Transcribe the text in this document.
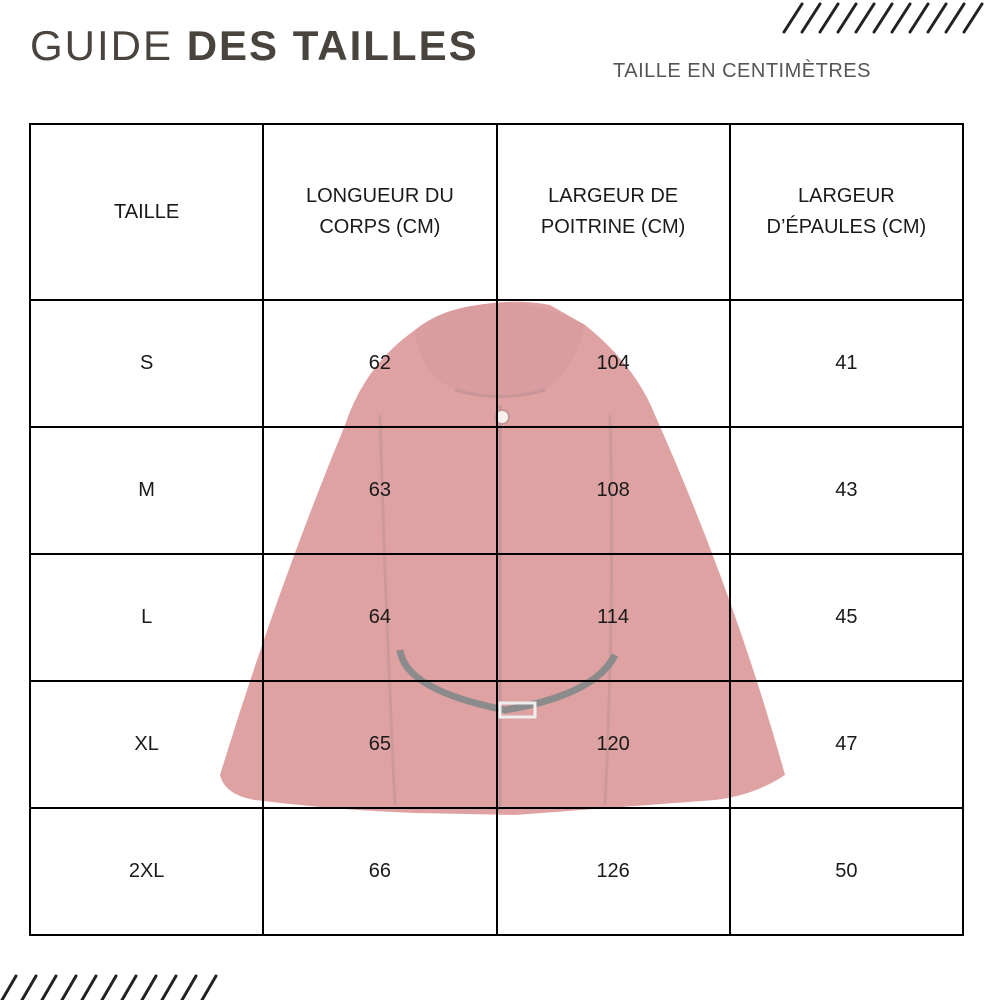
GUIDE DES TAILLES
TAILLE EN CENTIMÈTRES
TAILLE	LONGUEUR DU CORPS (CM)	LARGEUR DE POITRINE (CM)	LARGEUR D’ÉPAULES (CM)
S	62	104	41
M	63	108	43
L	64	114	45
XL	65	120	47
2XL	66	126	50
